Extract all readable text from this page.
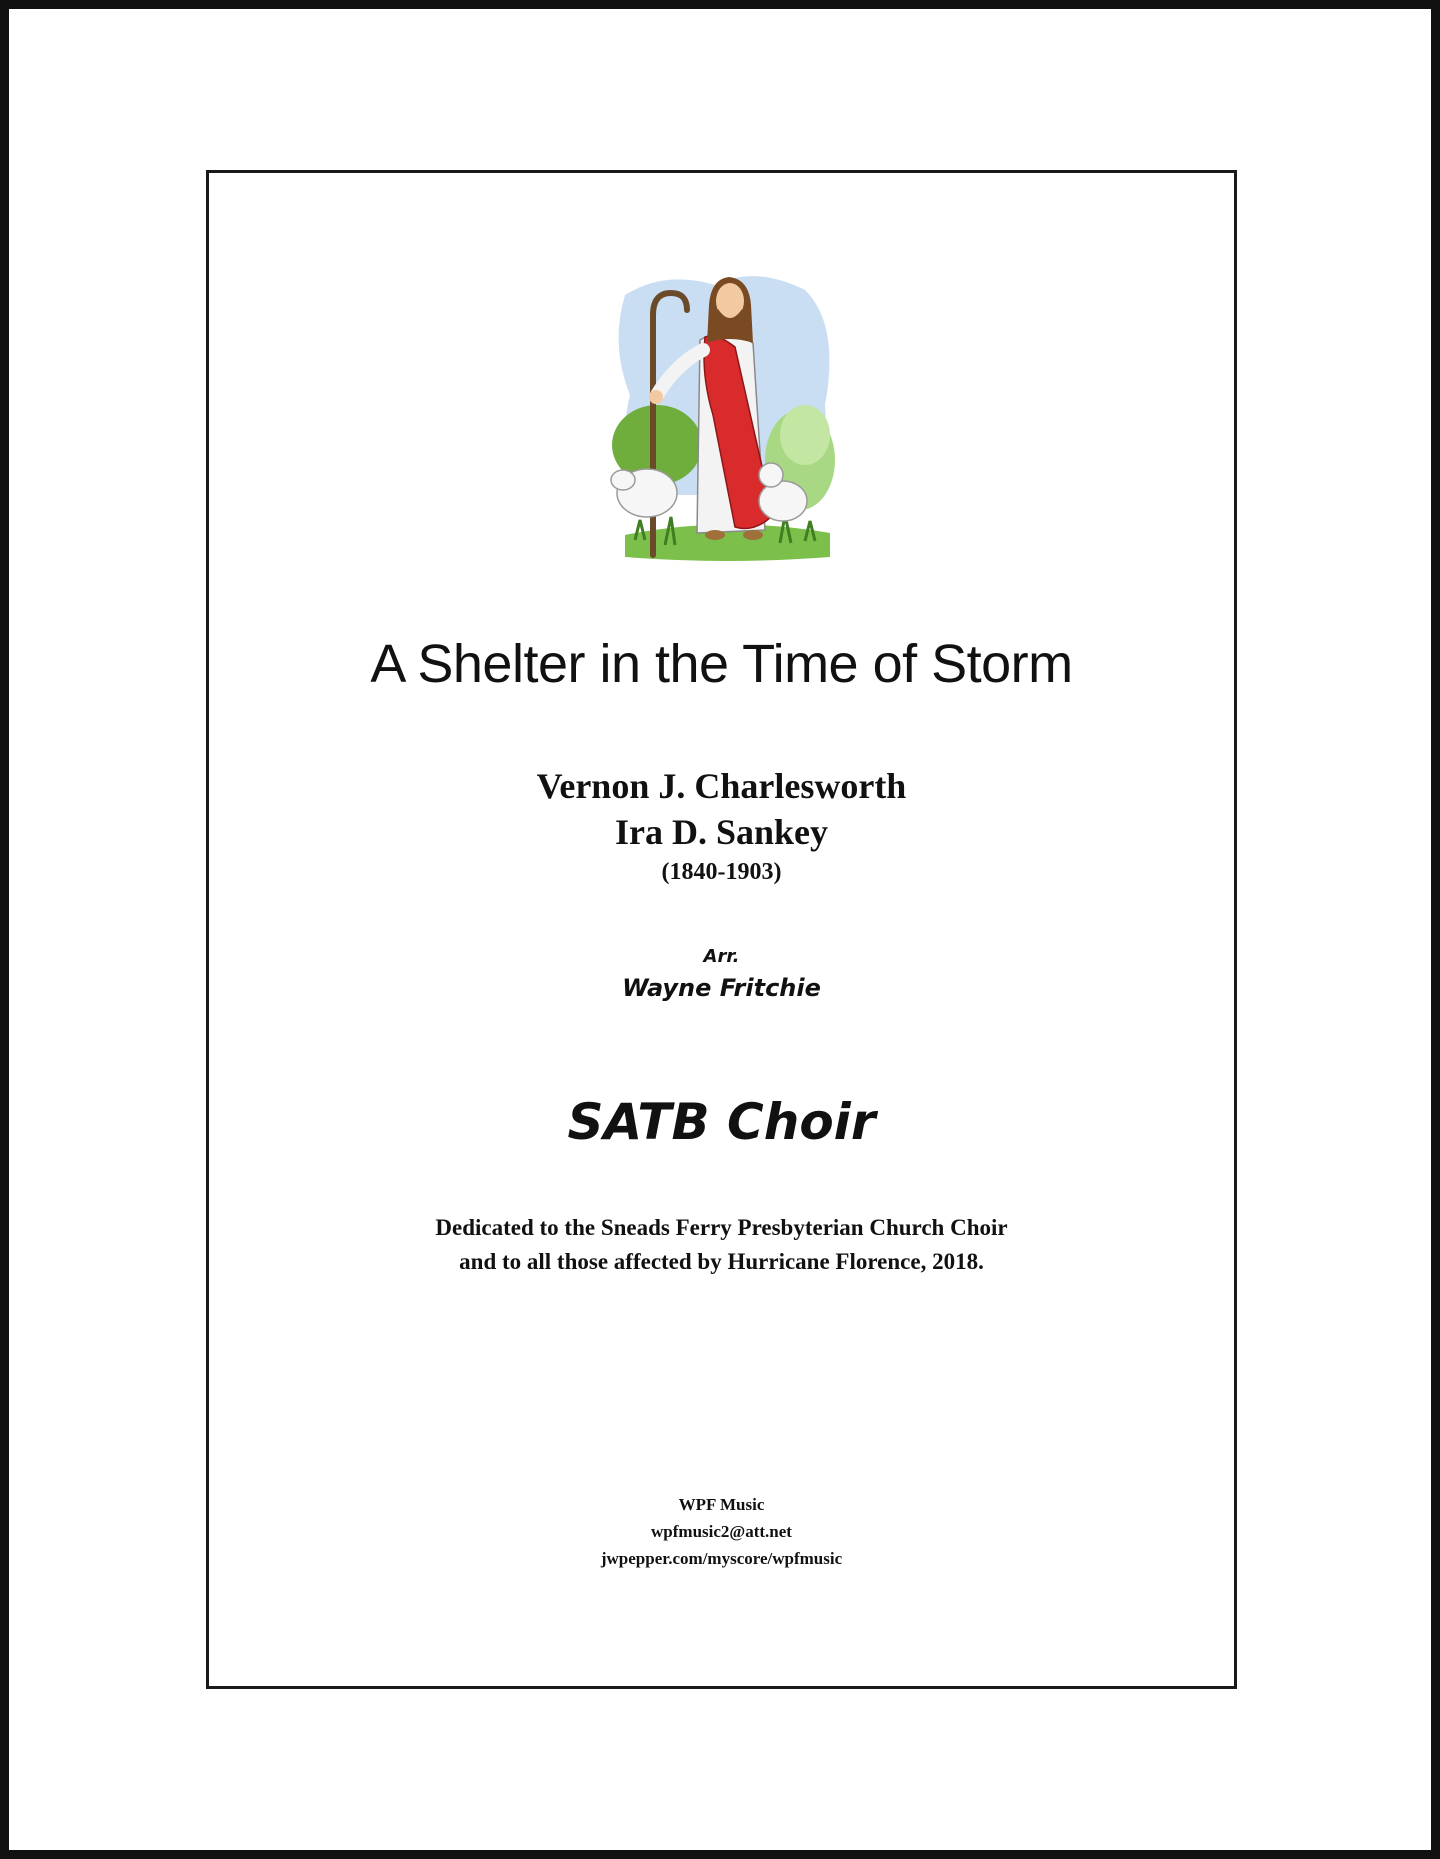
A Shelter in the Time of Storm
Vernon J. Charlesworth
Ira D. Sankey
(1840-1903)
Arr.
Wayne Fritchie
SATB Choir
Dedicated to the Sneads Ferry Presbyterian Church Choir
and to all those affected by Hurricane Florence, 2018.
WPF Music
wpfmusic2@att.net
jwpepper.com/myscore/wpfmusic
